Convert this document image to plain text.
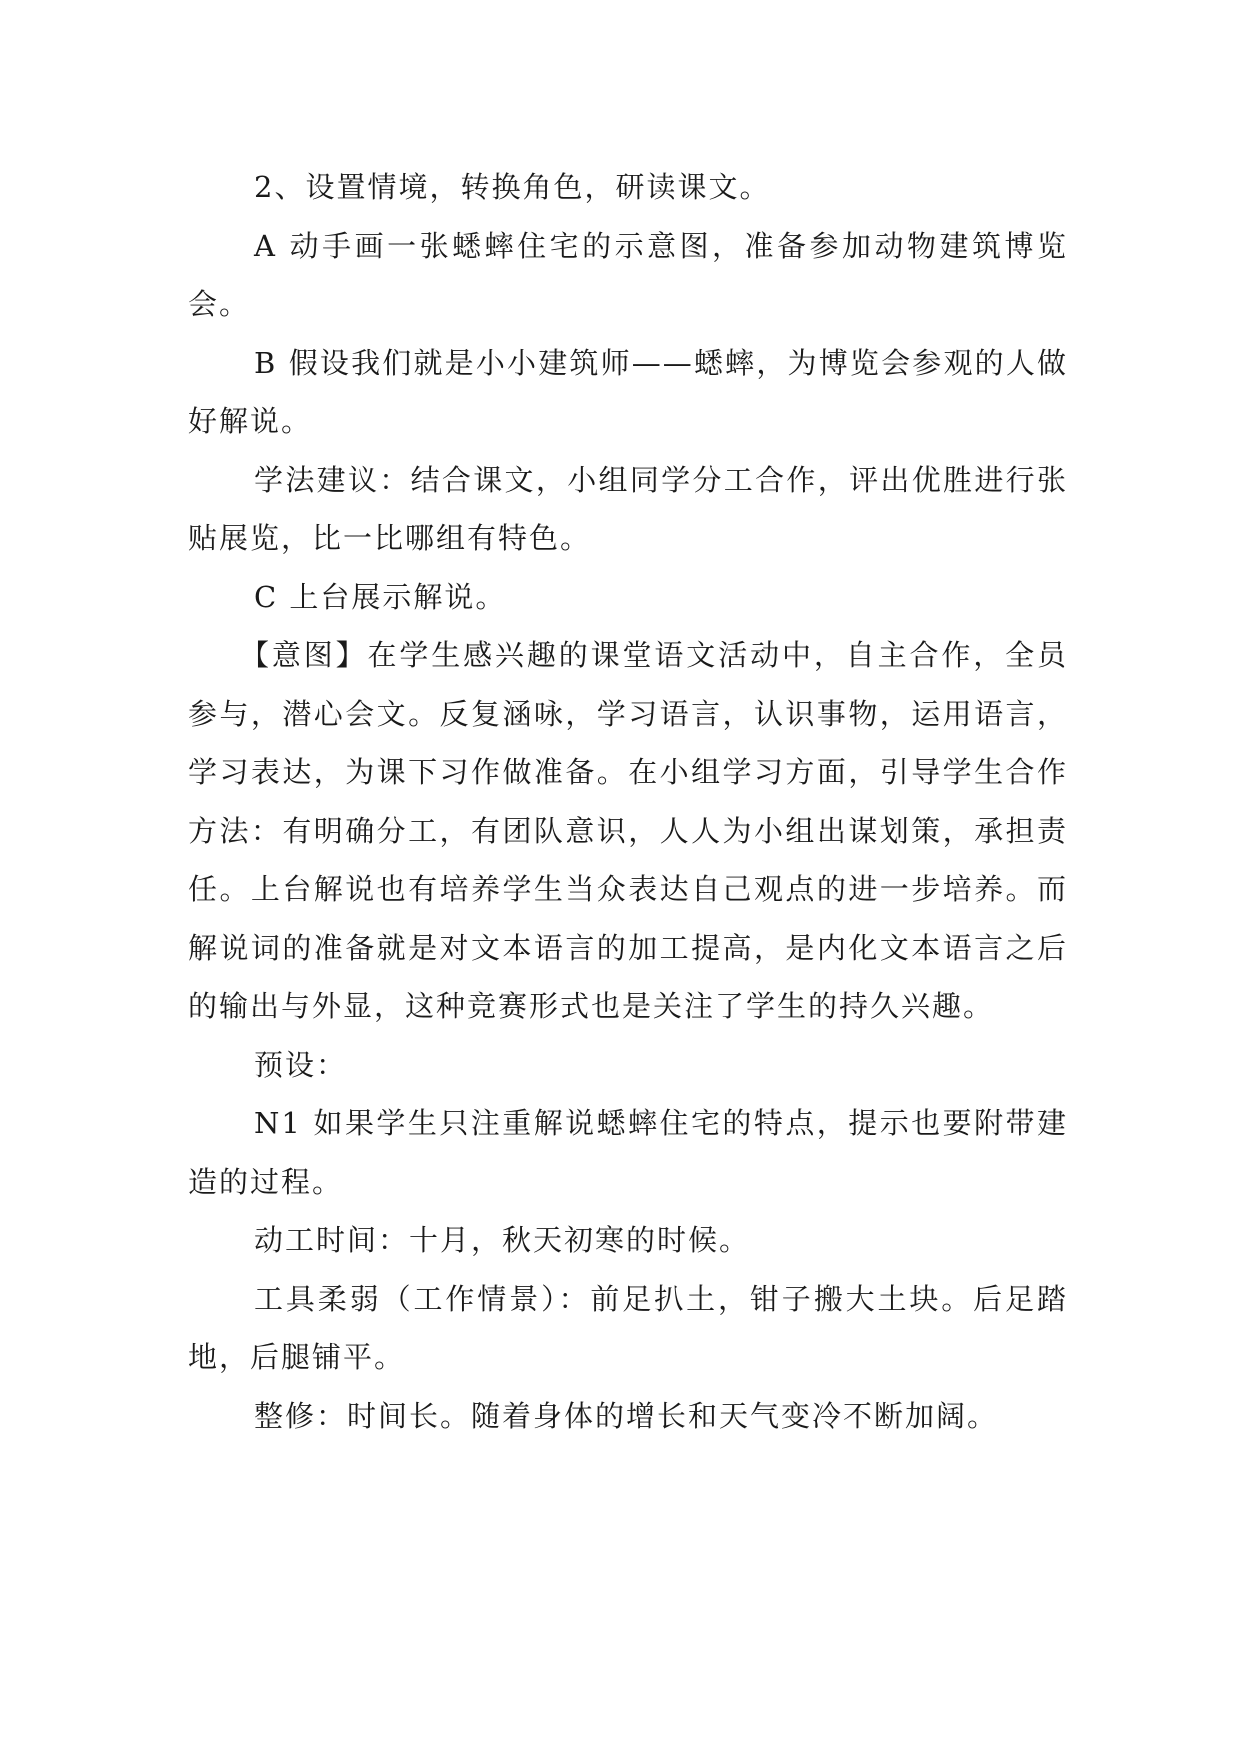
2、设置情境，转换角色，研读课文。

A 动手画一张蟋蟀住宅的示意图，准备参加动物建筑博览会。

B 假设我们就是小小建筑师——蟋蟀，为博览会参观的人做好解说。

学法建议：结合课文，小组同学分工合作，评出优胜进行张贴展览，比一比哪组有特色。

C 上台展示解说。

【意图】在学生感兴趣的课堂语文活动中，自主合作，全员参与，潜心会文。反复涵咏，学习语言，认识事物，运用语言，学习表达，为课下习作做准备。在小组学习方面，引导学生合作方法：有明确分工，有团队意识，人人为小组出谋划策，承担责任。上台解说也有培养学生当众表达自己观点的进一步培养。而解说词的准备就是对文本语言的加工提高，是内化文本语言之后的输出与外显，这种竞赛形式也是关注了学生的持久兴趣。

预设：

N1 如果学生只注重解说蟋蟀住宅的特点，提示也要附带建造的过程。

动工时间：十月，秋天初寒的时候。

工具柔弱（工作情景）：前足扒土，钳子搬大土块。后足踏地，后腿铺平。

整修：时间长。随着身体的增长和天气变冷不断加阔。
